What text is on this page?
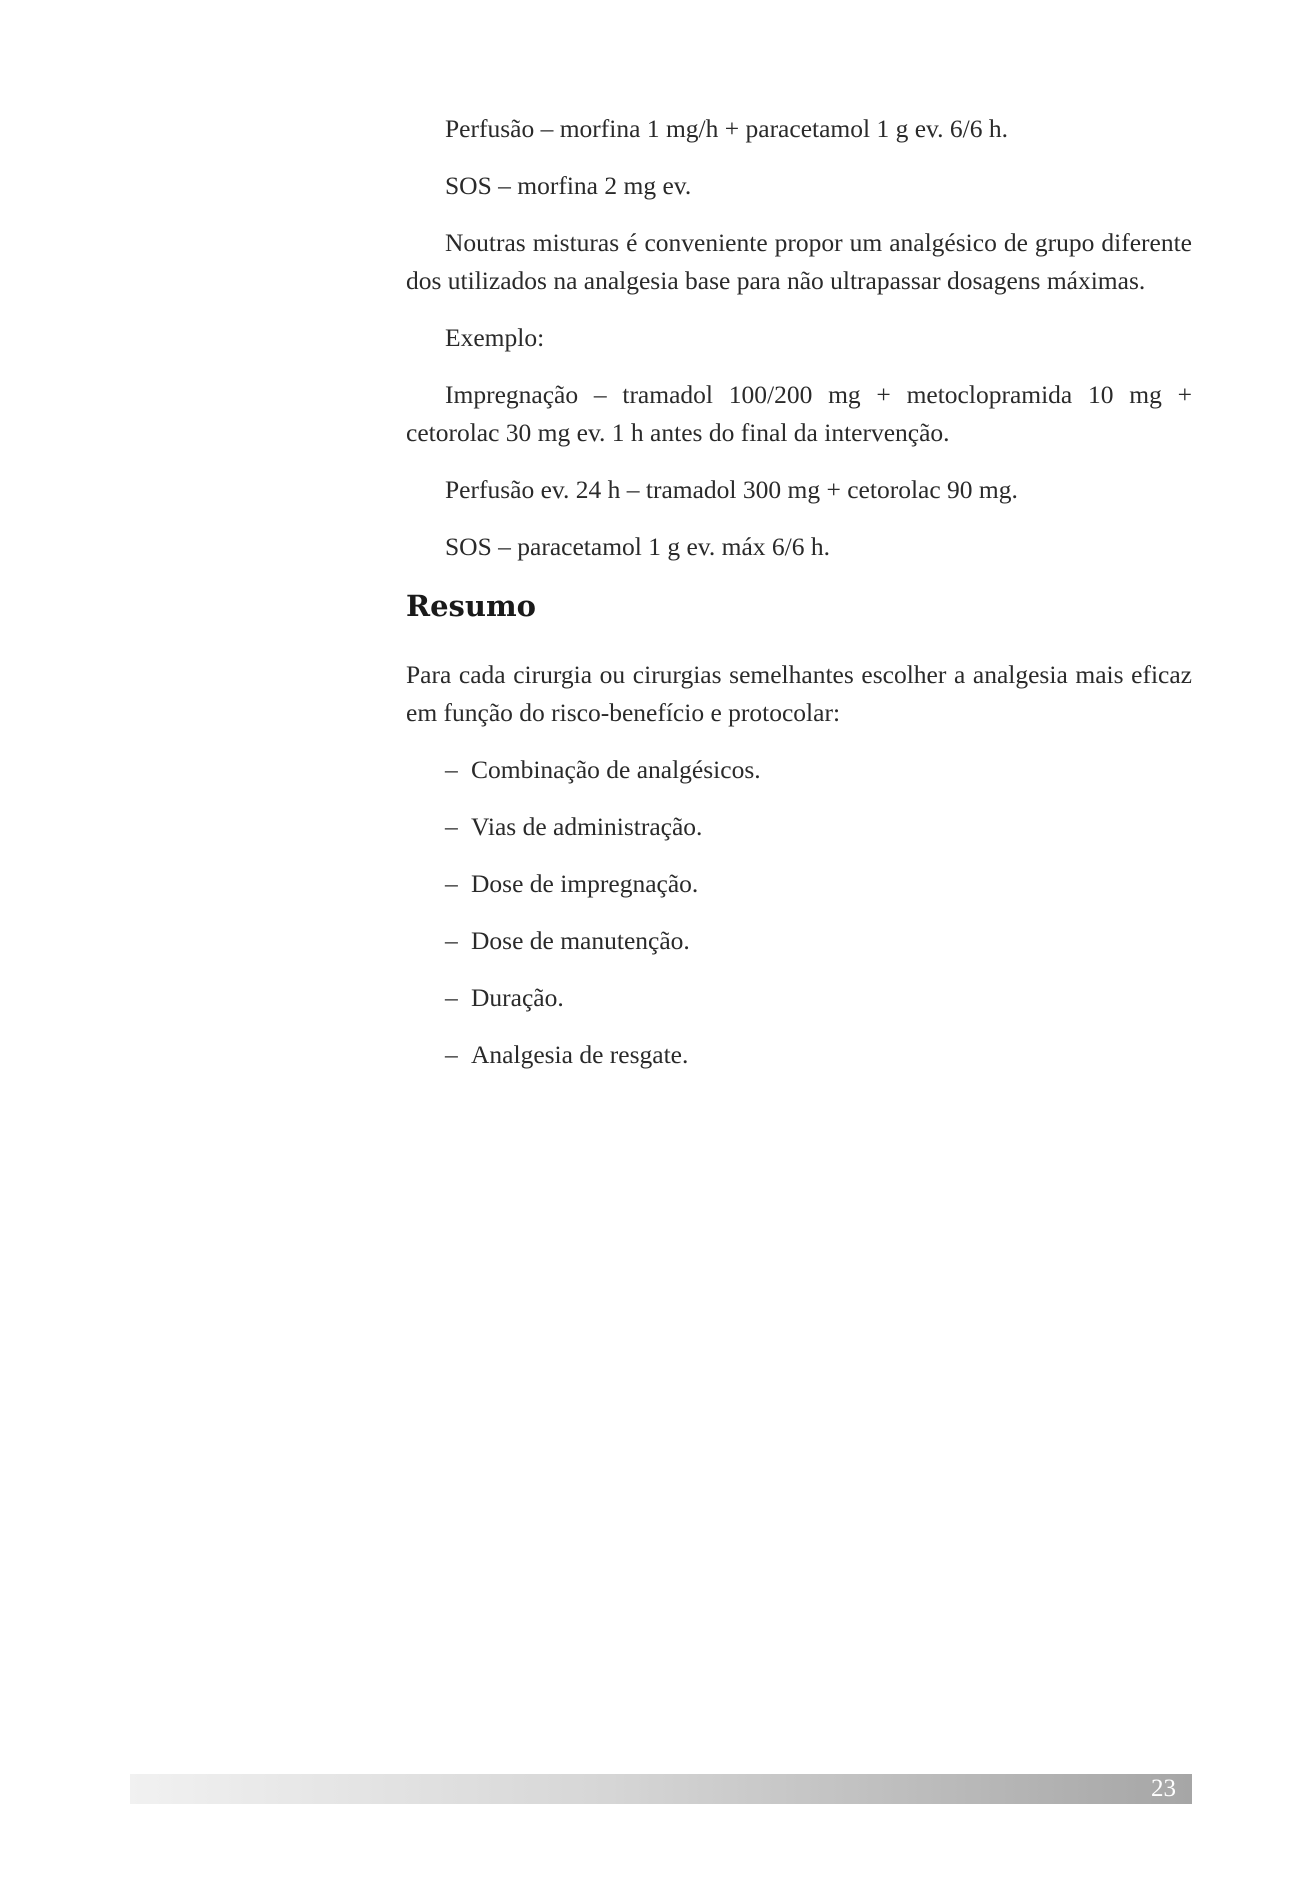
Perfusão – morfina 1 mg/h + paracetamol 1 g ev. 6/6 h.

SOS – morfina 2 mg ev.

Noutras misturas é conveniente propor um analgésico de grupo diferente dos utilizados na analgesia base para não ultrapassar dosagens máximas.

Exemplo:

Impregnação – tramadol 100/200 mg + metoclopramida 10 mg + cetorolac 30 mg ev. 1 h antes do final da intervenção.

Perfusão ev. 24 h – tramadol 300 mg + cetorolac 90 mg.

SOS – paracetamol 1 g ev. máx 6/6 h.

Resumo

Para cada cirurgia ou cirurgias semelhantes escolher a analgesia mais eficaz em função do risco-benefício e protocolar:

– Combinação de analgésicos.
– Vias de administração.
– Dose de impregnação.
– Dose de manutenção.
– Duração.
– Analgesia de resgate.
23
